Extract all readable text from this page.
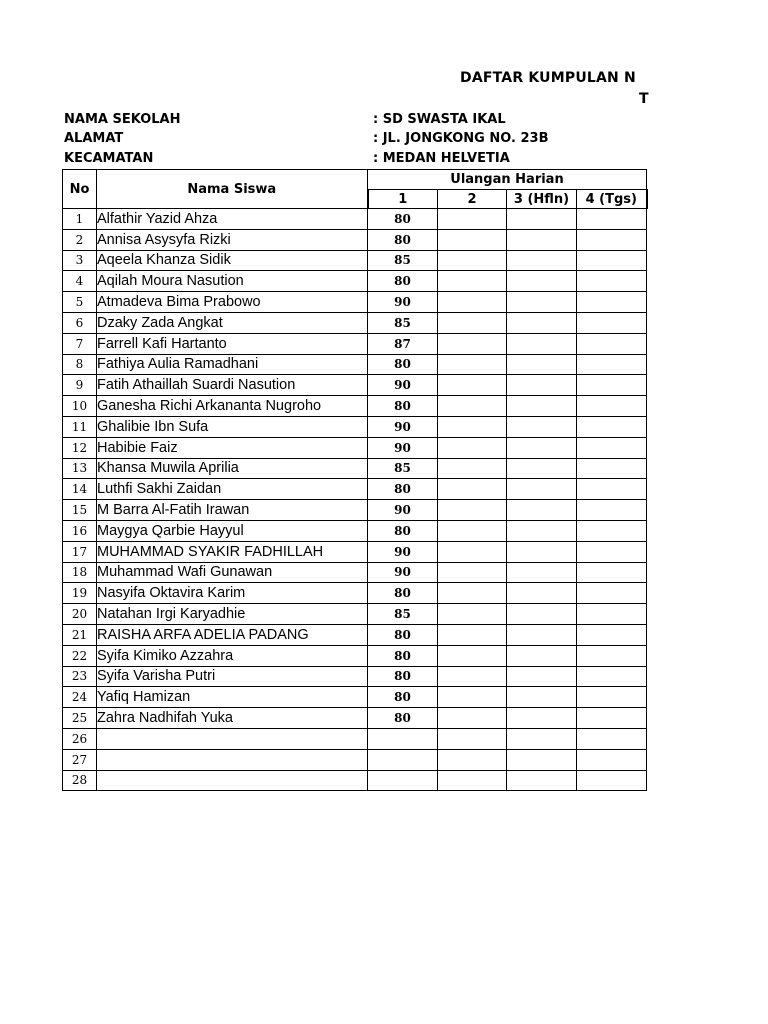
DAFTAR KUMPULAN N
T
NAMA SEKOLAH	: SD SWASTA IKAL
ALAMAT	: JL. JONGKONG NO. 23B
KECAMATAN	: MEDAN HELVETIA
No	Nama Siswa	Ulangan Harian			
		1	2	3 (Hfln)	4 (Tgs)
1	Alfathir Yazid Ahza	80			
2	Annisa Asysyfa Rizki	80			
3	Aqeela Khanza Sidik	85			
4	Aqilah Moura Nasution	80			
5	Atmadeva Bima Prabowo	90			
6	Dzaky Zada Angkat	85			
7	Farrell Kafi Hartanto	87			
8	Fathiya Aulia Ramadhani	80			
9	Fatih Athaillah Suardi Nasution	90			
10	Ganesha Richi Arkananta Nugroho	80			
11	Ghalibie Ibn Sufa	90			
12	Habibie Faiz	90			
13	Khansa Muwila Aprilia	85			
14	Luthfi Sakhi Zaidan	80			
15	M Barra Al-Fatih Irawan	90			
16	Maygya Qarbie Hayyul	80			
17	MUHAMMAD SYAKIR FADHILLAH	90			
18	Muhammad Wafi Gunawan	90			
19	Nasyifa Oktavira Karim	80			
20	Natahan Irgi Karyadhie	85			
21	RAISHA ARFA ADELIA PADANG	80			
22	Syifa Kimiko Azzahra	80			
23	Syifa Varisha Putri	80			
24	Yafiq Hamizan	80			
25	Zahra Nadhifah Yuka	80			
26					
27					
28					
